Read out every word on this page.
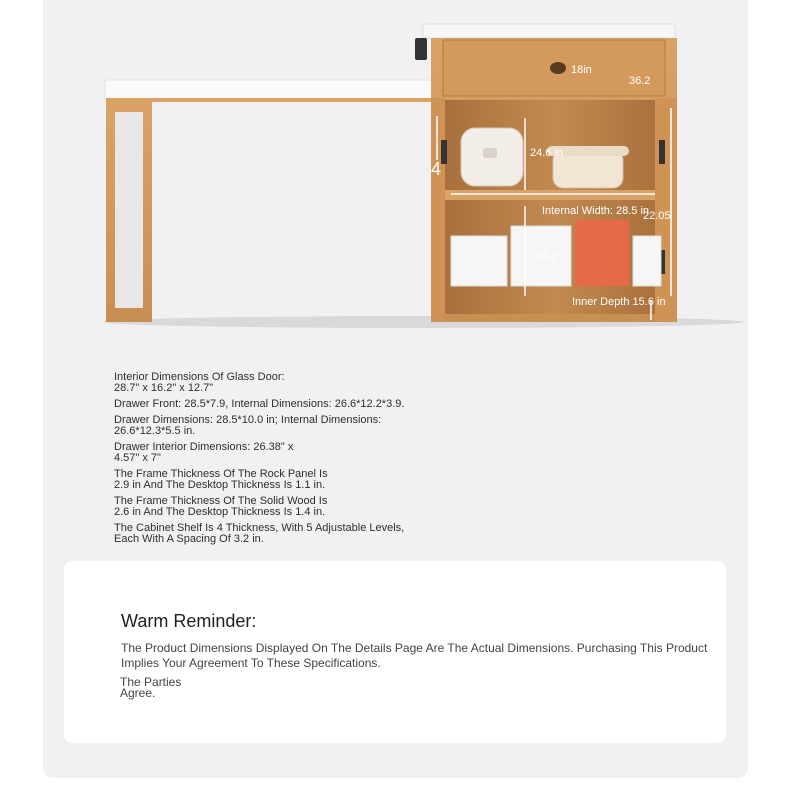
18in
36.2
4
24.6 in
Internal Width: 28.5 in
22.05
23.2
Inner Depth 15.6 in
Interior Dimensions Of Glass Door:
28.7" x 16.2" x 12.7"
Drawer Front: 28.5*7.9, Internal Dimensions: 26.6*12.2*3.9.
Drawer Dimensions: 28.5*10.0 in; Internal Dimensions:
26.6*12.3*5.5 in.
Drawer Interior Dimensions: 26.38" x
4.57" x 7"
The Frame Thickness Of The Rock Panel Is
2.9 in And The Desktop Thickness Is 1.1 in.
The Frame Thickness Of The Solid Wood Is
2.6 in And The Desktop Thickness Is 1.4 in.
The Cabinet Shelf Is 4 Thickness, With 5 Adjustable Levels,
Each With A Spacing Of 3.2 in.
Warm Reminder:
The Product Dimensions Displayed On The Details Page Are The Actual Dimensions. Purchasing This Product Implies Your Agreement To These Specifications.
The Parties
Agree.
